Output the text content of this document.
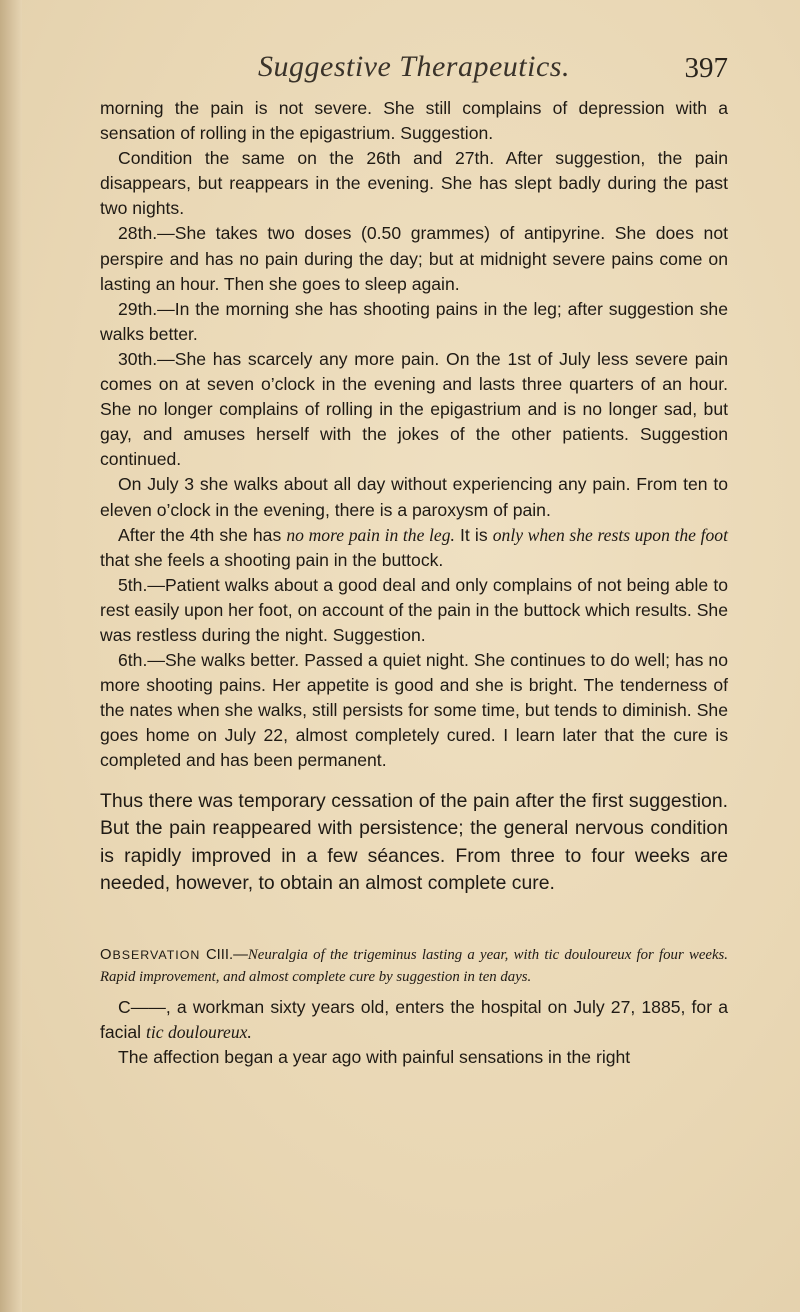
Suggestive Therapeutics.	397

morning the pain is not severe. She still complains of depression with a sensation of rolling in the epigastrium. Suggestion.

Condition the same on the 26th and 27th. After suggestion, the pain disappears, but reappears in the evening. She has slept badly during the past two nights.

28th.—She takes two doses (0.50 grammes) of antipyrine. She does not perspire and has no pain during the day; but at midnight severe pains come on lasting an hour. Then she goes to sleep again.

29th.—In the morning she has shooting pains in the leg; after suggestion she walks better.

30th.—She has scarcely any more pain. On the 1st of July less severe pain comes on at seven o’clock in the evening and lasts three quarters of an hour. She no longer complains of rolling in the epigastrium and is no longer sad, but gay, and amuses herself with the jokes of the other patients. Suggestion continued.

On July 3 she walks about all day without experiencing any pain. From ten to eleven o’clock in the evening, there is a paroxysm of pain.

After the 4th she has no more pain in the leg. It is only when she rests upon the foot that she feels a shooting pain in the buttock.

5th.—Patient walks about a good deal and only complains of not being able to rest easily upon her foot, on account of the pain in the buttock which results. She was restless during the night. Suggestion.

6th.—She walks better. Passed a quiet night. She continues to do well; has no more shooting pains. Her appetite is good and she is bright. The tenderness of the nates when she walks, still persists for some time, but tends to diminish. She goes home on July 22, almost completely cured. I learn later that the cure is completed and has been permanent.

Thus there was temporary cessation of the pain after the first suggestion. But the pain reappeared with persistence; the general nervous condition is rapidly improved in a few séances. From three to four weeks are needed, however, to obtain an almost complete cure.

OBSERVATION CIII.—Neuralgia of the trigeminus lasting a year, with tic douloureux for four weeks. Rapid improvement, and almost complete cure by suggestion in ten days.

C——, a workman sixty years old, enters the hospital on July 27, 1885, for a facial tic douloureux.

The affection began a year ago with painful sensations in the right
